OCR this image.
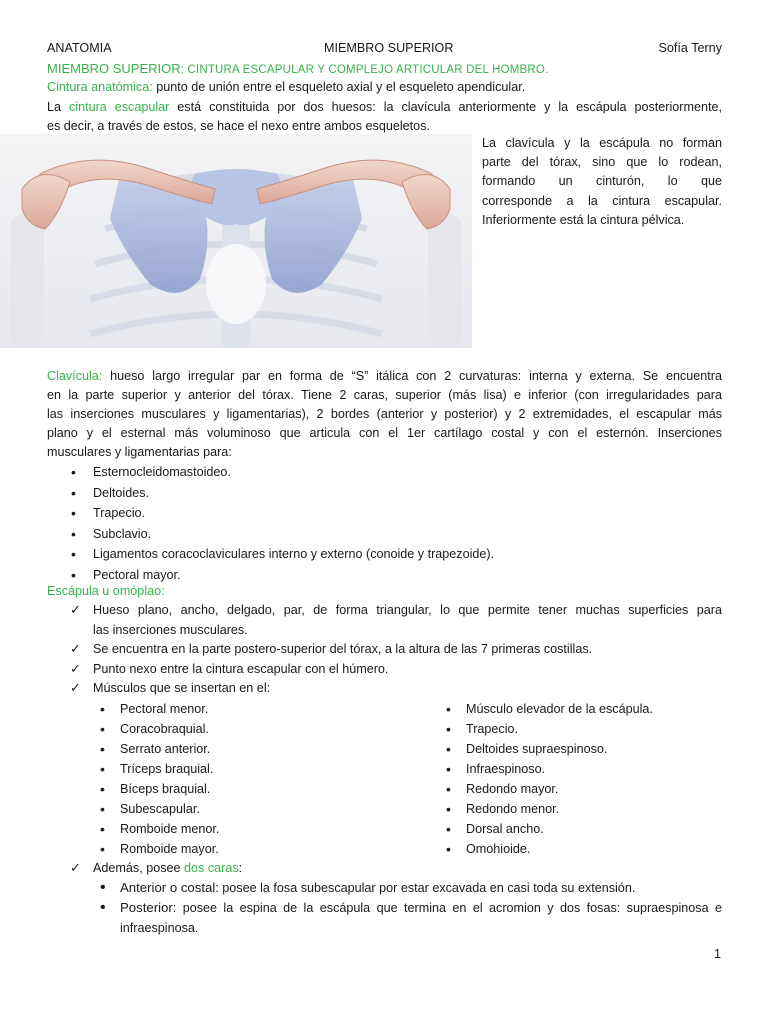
ANATOMIA	MIEMBRO SUPERIOR	Sofía Terny
MIEMBRO SUPERIOR: CINTURA ESCAPULAR Y COMPLEJO ARTICULAR DEL HOMBRO.
Cintura anatómica: punto de unión entre el esqueleto axial y el esqueleto apendicular.
La cintura escapular está constituida por dos huesos: la clavícula anteriormente y la escápula posteriormente,
es decir, a través de estos, se hace el nexo entre ambos esqueletos.
La clavícula y la escápula no forman
parte del tórax, sino que lo rodean,
formando un cinturón, lo que
corresponde a la cintura escapular.
Inferiormente está la cintura pélvica.
Clavícula: hueso largo irregular par en forma de “S” itálica con 2 curvaturas: interna y externa. Se encuentra
en la parte superior y anterior del tórax. Tiene 2 caras, superior (más lisa) e inferior (con irregularidades para
las inserciones musculares y ligamentarias), 2 bordes (anterior y posterior) y 2 extremidades, el escapular más
plano y el esternal más voluminoso que articula con el 1er cartílago costal y con el esternón. Inserciones
musculares y ligamentarias para:
• Esternocleidomastoideo.
• Deltoides.
• Trapecio.
• Subclavio.
• Ligamentos coracoclaviculares interno y externo (conoide y trapezoide).
• Pectoral mayor.
Escápula u omóplao:
✓ Hueso plano, ancho, delgado, par, de forma triangular, lo que permite tener muchas superficies para
las inserciones musculares.
✓ Se encuentra en la parte postero-superior del tórax, a la altura de las 7 primeras costillas.
✓ Punto nexo entre la cintura escapular con el húmero.
✓ Músculos que se insertan en el:
• Pectoral menor.
• Coracobraquial.
• Serrato anterior.
• Tríceps braquial.
• Bíceps braquial.
• Subescapular.
• Romboide menor.
• Romboide mayor.
• Músculo elevador de la escápula.
• Trapecio.
• Deltoides supraespinoso.
• Infraespinoso.
• Redondo mayor.
• Redondo menor.
• Dorsal ancho.
• Omohioide.
✓ Además, posee dos caras:
• Anterior o costal: posee la fosa subescapular por estar excavada en casi toda su extensión.
• Posterior: posee la espina de la escápula que termina en el acromion y dos fosas: supraespinosa e
infraespinosa.
1
